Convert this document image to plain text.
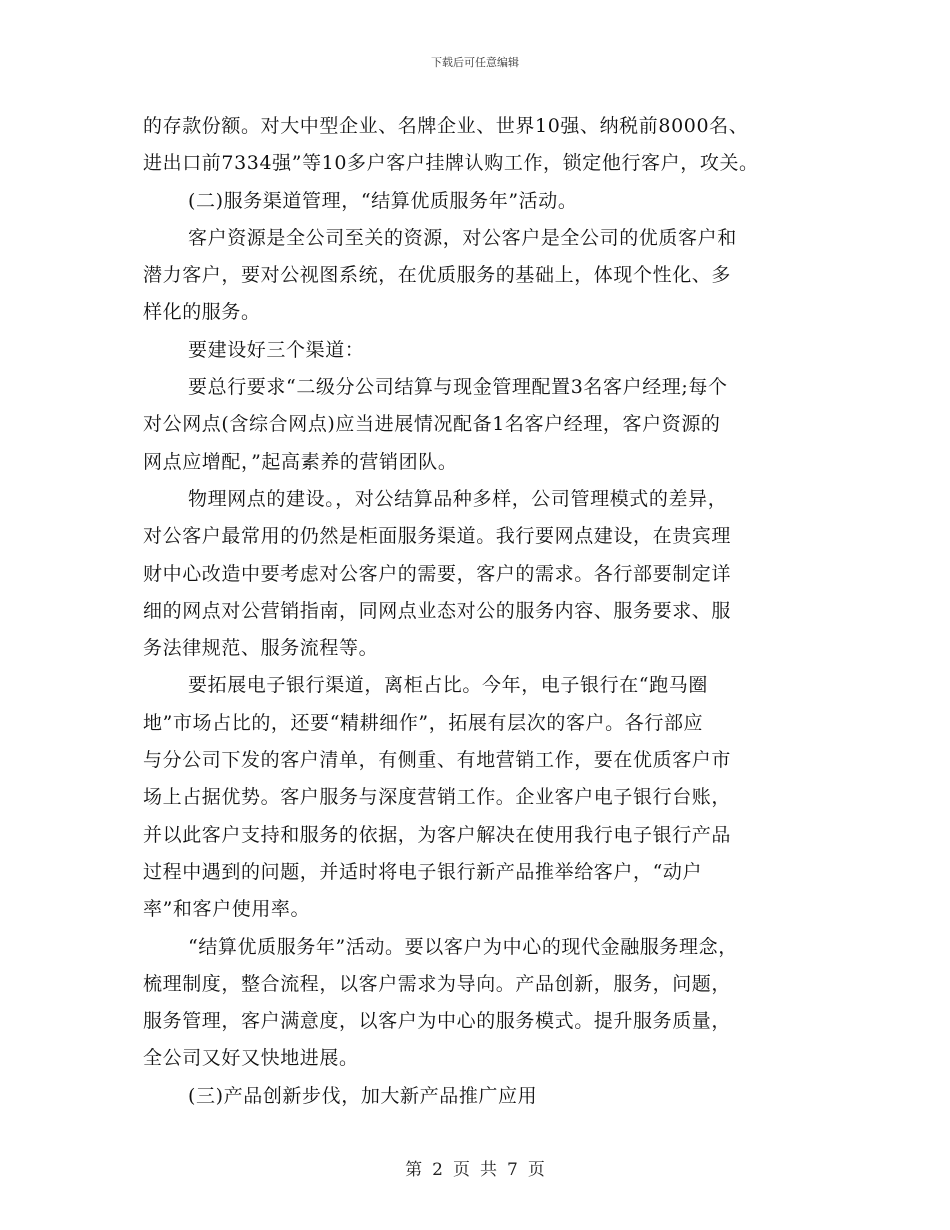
下载后可任意编辑
的存款份额。对大中型企业、名牌企业、世界10强、纳税前8000名、
进出口前7334强”等10多户客户挂牌认购工作，锁定他行客户，攻关。
(二)服务渠道管理，“结算优质服务年”活动。
客户资源是全公司至关的资源，对公客户是全公司的优质客户和
潜力客户，要对公视图系统，在优质服务的基础上，体现个性化、多
样化的服务。
要建设好三个渠道：
要总行要求“二级分公司结算与现金管理配置3名客户经理;每个
对公网点(含综合网点)应当进展情况配备1名客户经理，客户资源的
网点应增配，”起高素养的营销团队。
物理网点的建设。，对公结算品种多样，公司管理模式的差异，
对公客户最常用的仍然是柜面服务渠道。我行要网点建设，在贵宾理
财中心改造中要考虑对公客户的需要，客户的需求。各行部要制定详
细的网点对公营销指南，同网点业态对公的服务内容、服务要求、服
务法律规范、服务流程等。
要拓展电子银行渠道，离柜占比。今年，电子银行在“跑马圈
地”市场占比的，还要“精耕细作”，拓展有层次的客户。各行部应
与分公司下发的客户清单，有侧重、有地营销工作，要在优质客户市
场上占据优势。客户服务与深度营销工作。企业客户电子银行台账，
并以此客户支持和服务的依据，为客户解决在使用我行电子银行产品
过程中遇到的问题，并适时将电子银行新产品推举给客户，“动户
率”和客户使用率。
“结算优质服务年”活动。要以客户为中心的现代金融服务理念，
梳理制度，整合流程，以客户需求为导向。产品创新，服务，问题，
服务管理，客户满意度，以客户为中心的服务模式。提升服务质量，
全公司又好又快地进展。
(三)产品创新步伐，加大新产品推广应用
第 2 页 共 7 页
